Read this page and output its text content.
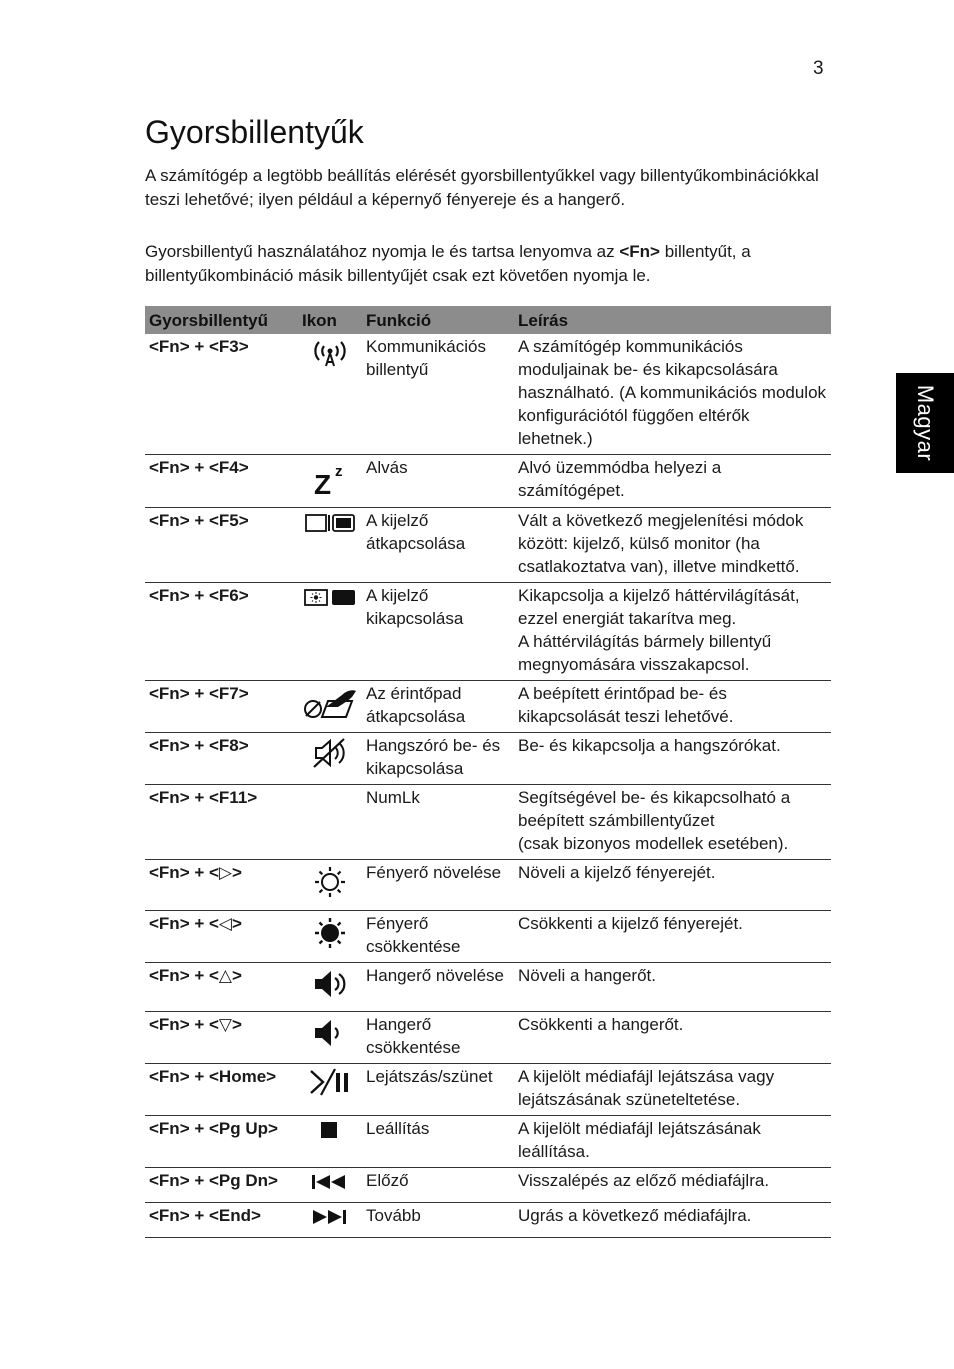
3
Magyar
Gyorsbillentyűk

A számítógép a legtöbb beállítás elérését gyorsbillentyűkkel vagy billentyűkombinációkkal teszi lehetővé; ilyen például a képernyő fényereje és a hangerő.

Gyorsbillentyű használatához nyomja le és tartsa lenyomva az <Fn> billentyűt, a billentyűkombináció másik billentyűjét csak ezt követően nyomja le.

Gyorsbillentyű	Ikon	Funkció	Leírás
<Fn> + <F3>		Kommunikációs billentyű	A számítógép kommunikációs moduljainak be- és kikapcsolására használható. (A kommunikációs modulok konfigurációtól függően eltérők lehetnek.)
<Fn> + <F4>	Z z	Alvás	Alvó üzemmódba helyezi a számítógépet.
<Fn> + <F5>		A kijelző átkapcsolása	Vált a következő megjelenítési módok között: kijelző, külső monitor (ha csatlakoztatva van), illetve mindkettő.
<Fn> + <F6>		A kijelző kikapcsolása	Kikapcsolja a kijelző háttérvilágítását, ezzel energiát takarítva meg.
A háttérvilágítás bármely billentyű megnyomására visszakapcsol.
<Fn> + <F7>		Az érintőpad átkapcsolása	A beépített érintőpad be- és kikapcsolását teszi lehetővé.
<Fn> + <F8>		Hangszóró be- és kikapcsolása	Be- és kikapcsolja a hangszórókat.
<Fn> + <F11>		NumLk	Segítségével be- és kikapcsolható a beépített számbillentyűzet
(csak bizonyos modellek esetében).
<Fn> + <▷>		Fényerő növelése	Növeli a kijelző fényerejét.
<Fn> + <◁>		Fényerő csökkentése	Csökkenti a kijelző fényerejét.
<Fn> + <△>		Hangerő növelése	Növeli a hangerőt.
<Fn> + <▽>		Hangerő csökkentése	Csökkenti a hangerőt.
<Fn> + <Home>		Lejátszás/szünet	A kijelölt médiafájl lejátszása vagy lejátszásának szüneteltetése.
<Fn> + <Pg Up>		Leállítás	A kijelölt médiafájl lejátszásának leállítása.
<Fn> + <Pg Dn>		Előző	Visszalépés az előző médiafájlra.
<Fn> + <End>		Tovább	Ugrás a következő médiafájlra.
